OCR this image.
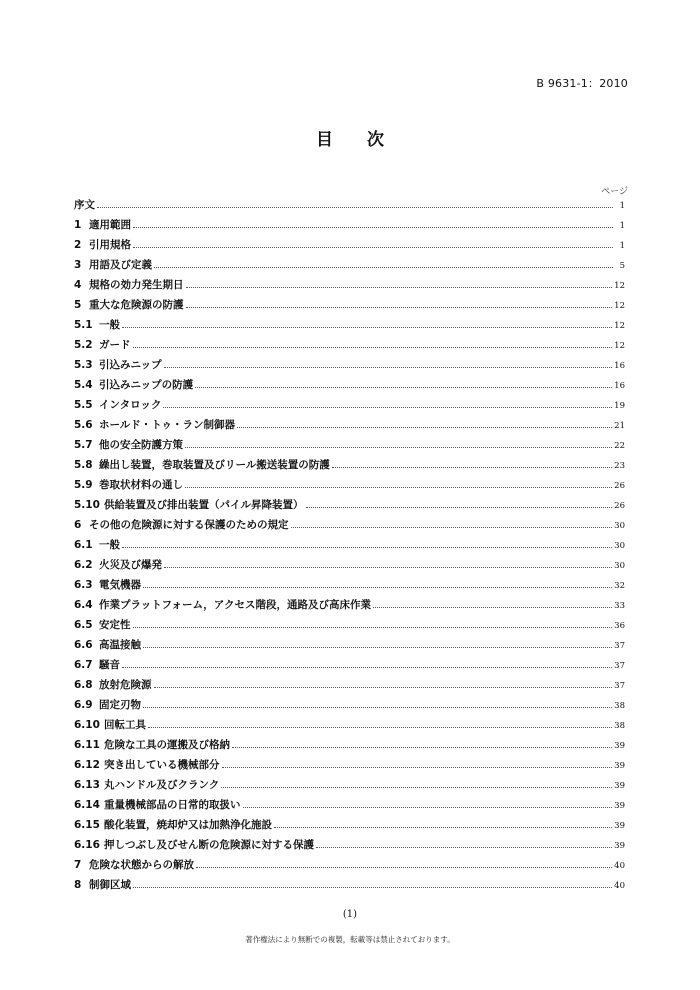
B 9631-1：2010
目 次
ページ
序文	1
1 適用範囲	1
2 引用規格	1
3 用語及び定義	5
4 規格の効力発生期日	12
5 重大な危険源の防護	12
5.1 一般	12
5.2 ガード	12
5.3 引込みニップ	16
5.4 引込みニップの防護	16
5.5 インタロック	19
5.6 ホールド・トゥ・ラン制御器	21
5.7 他の安全防護方策	22
5.8 繰出し装置，巻取装置及びリール搬送装置の防護	23
5.9 巻取状材料の通し	26
5.10 供給装置及び排出装置（パイル昇降装置）	26
6 その他の危険源に対する保護のための規定	30
6.1 一般	30
6.2 火災及び爆発	30
6.3 電気機器	32
6.4 作業プラットフォーム，アクセス階段，通路及び高床作業	33
6.5 安定性	36
6.6 高温接触	37
6.7 騒音	37
6.8 放射危険源	37
6.9 固定刃物	38
6.10 回転工具	38
6.11 危険な工具の運搬及び格納	39
6.12 突き出している機械部分	39
6.13 丸ハンドル及びクランク	39
6.14 重量機械部品の日常的取扱い	39
6.15 酸化装置，焼却炉又は加熱浄化施設	39
6.16 押しつぶし及びせん断の危険源に対する保護	39
7 危険な状態からの解放	40
8 制御区域	40
(1)
著作権法により無断での複製，転載等は禁止されております。
